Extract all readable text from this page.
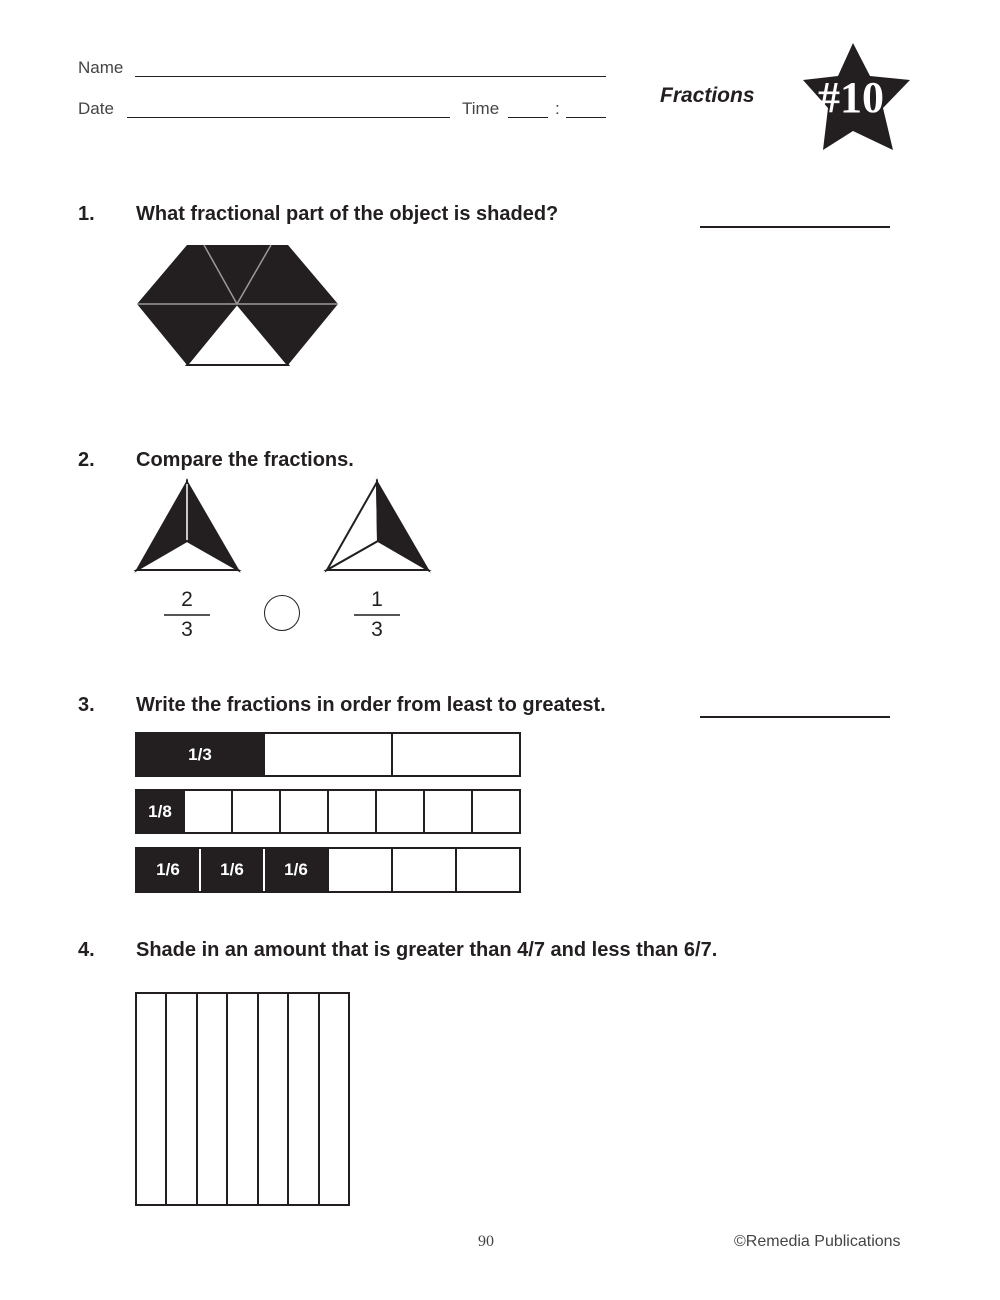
Name
Date	Time	:
Fractions #10
1. What fractional part of the object is shaded?
2. Compare the fractions.
2
3
1
3
3. Write the fractions in order from least to greatest.
1/3
1/8
1/6	1/6	1/6
4. Shade in an amount that is greater than 4/7 and less than 6/7.
90	©Remedia Publications
